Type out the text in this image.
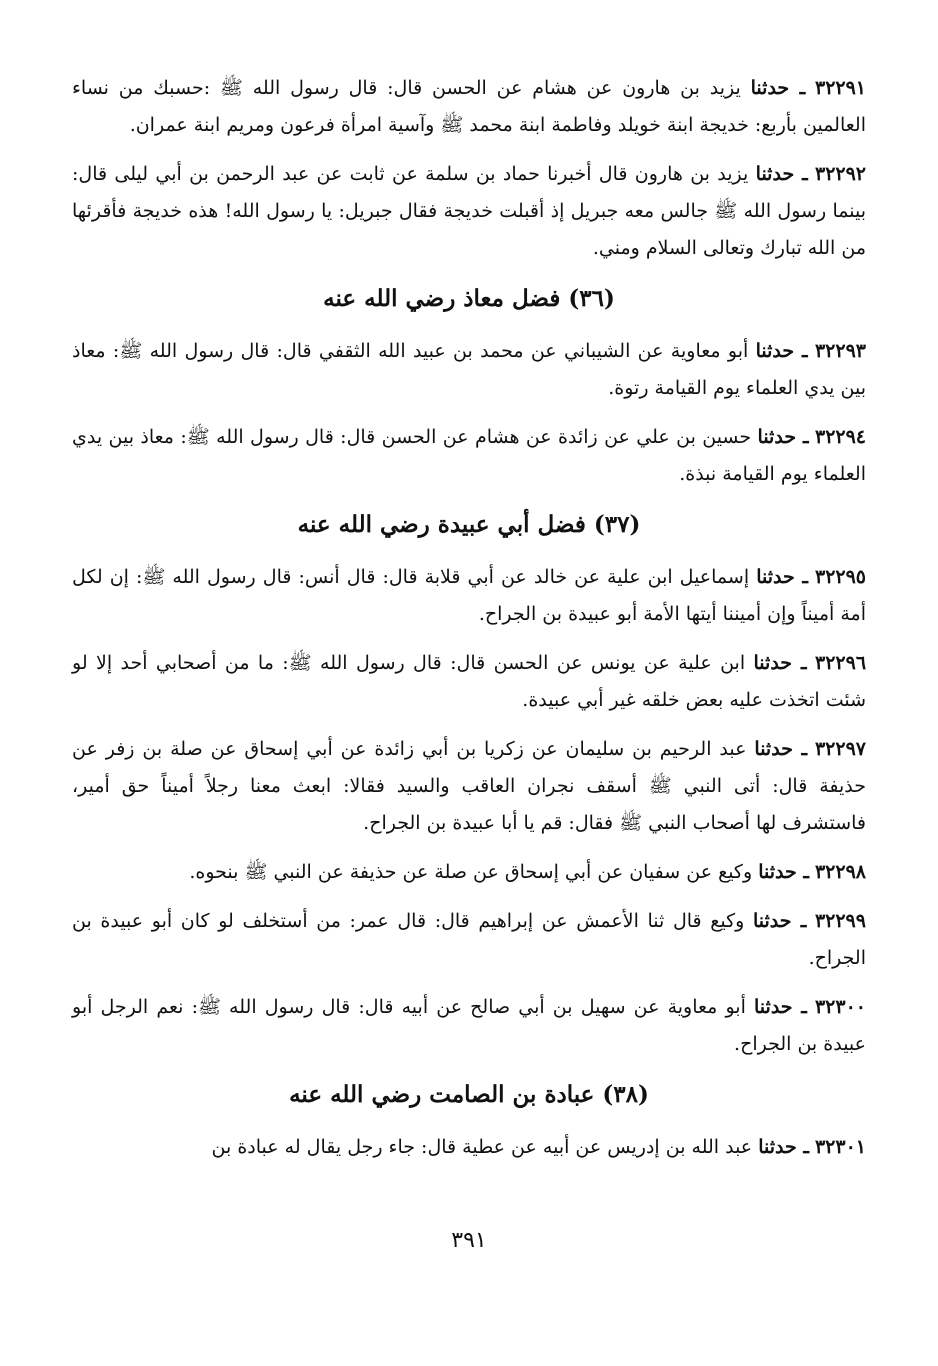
٣٢٢٩١ ـ حدثنا يزيد بن هارون عن هشام عن الحسن قال: قال رسول الله ﷺ :حسبك من نساء العالمين بأربع: خديجة ابنة خويلد وفاطمة ابنة محمد ﷺ وآسية امرأة فرعون ومريم ابنة عمران.

٣٢٢٩٢ ـ حدثنا يزيد بن هارون قال أخبرنا حماد بن سلمة عن ثابت عن عبد الرحمن بن أبي ليلى قال: بينما رسول الله ﷺ جالس معه جبريل إذ أقبلت خديجة فقال جبريل: يا رسول الله! هذه خديجة فأقرئها من الله تبارك وتعالى السلام ومني.

(٣٦) فضل معاذ رضي الله عنه

٣٢٢٩٣ ـ حدثنا أبو معاوية عن الشيباني عن محمد بن عبيد الله الثقفي قال: قال رسول الله ﷺ: معاذ بين يدي العلماء يوم القيامة رتوة.

٣٢٢٩٤ ـ حدثنا حسين بن علي عن زائدة عن هشام عن الحسن قال: قال رسول الله ﷺ: معاذ بين يدي العلماء يوم القيامة نبذة.

(٣٧) فضل أبي عبيدة رضي الله عنه

٣٢٢٩٥ ـ حدثنا إسماعيل ابن علية عن خالد عن أبي قلابة قال: قال أنس: قال رسول الله ﷺ: إن لكل أمة أميناً وإن أميننا أيتها الأمة أبو عبيدة بن الجراح.

٣٢٢٩٦ ـ حدثنا ابن علية عن يونس عن الحسن قال: قال رسول الله ﷺ: ما من أصحابي أحد إلا لو شئت اتخذت عليه بعض خلقه غير أبي عبيدة.

٣٢٢٩٧ ـ حدثنا عبد الرحيم بن سليمان عن زكريا بن أبي زائدة عن أبي إسحاق عن صلة بن زفر عن حذيفة قال: أتى النبي ﷺ أسقف نجران العاقب والسيد فقالا: ابعث معنا رجلاً أميناً حق أمير، فاستشرف لها أصحاب النبي ﷺ فقال: قم يا أبا عبيدة بن الجراح.

٣٢٢٩٨ ـ حدثنا وكيع عن سفيان عن أبي إسحاق عن صلة عن حذيفة عن النبي ﷺ بنحوه.

٣٢٢٩٩ ـ حدثنا وكيع قال ثنا الأعمش عن إبراهيم قال: قال عمر: من أستخلف لو كان أبو عبيدة بن الجراح.

٣٢٣٠٠ ـ حدثنا أبو معاوية عن سهيل بن أبي صالح عن أبيه قال: قال رسول الله ﷺ: نعم الرجل أبو عبيدة بن الجراح.

(٣٨) عبادة بن الصامت رضي الله عنه

٣٢٣٠١ ـ حدثنا عبد الله بن إدريس عن أبيه عن عطية قال: جاء رجل يقال له عبادة بن

٣٩١
